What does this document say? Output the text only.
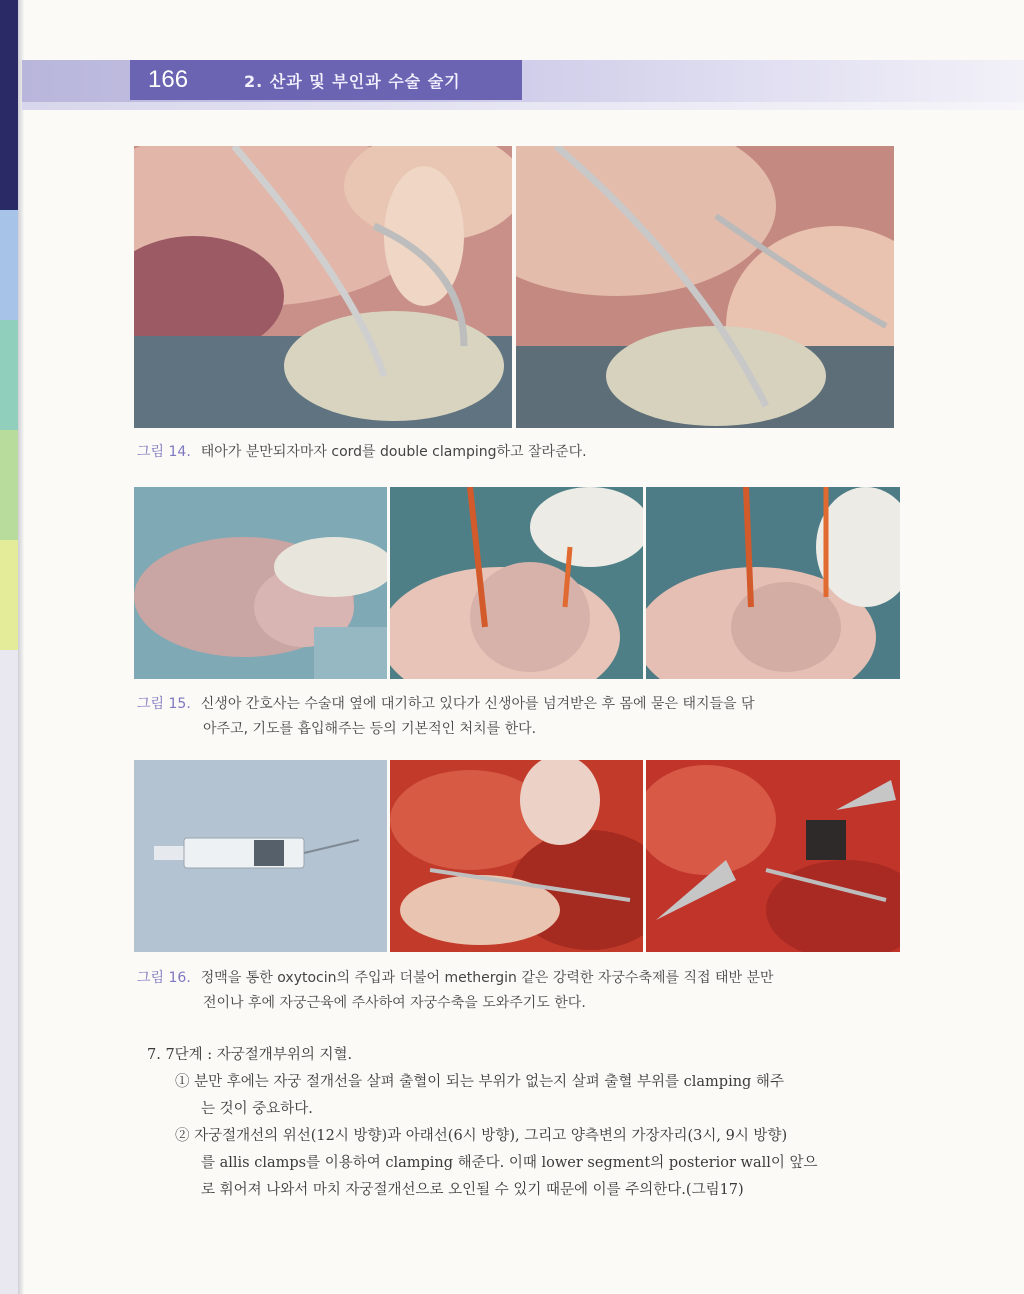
166	2. 산과 및 부인과 수술 술기
그림 14. 태아가 분만되자마자 cord를 double clamping하고 잘라준다.
그림 15. 신생아 간호사는 수술대 옆에 대기하고 있다가 신생아를 넘겨받은 후 몸에 묻은 태지들을 닦
아주고, 기도를 흡입해주는 등의 기본적인 처치를 한다.
그림 16. 정맥을 통한 oxytocin의 주입과 더불어 methergin 같은 강력한 자궁수축제를 직접 태반 분만
전이나 후에 자궁근육에 주사하여 자궁수축을 도와주기도 한다.
7. 7단계 : 자궁절개부위의 지혈.
① 분만 후에는 자궁 절개선을 살펴 출혈이 되는 부위가 없는지 살펴 출혈 부위를 clamping 해주
는 것이 중요하다.
② 자궁절개선의 위선(12시 방향)과 아래선(6시 방향), 그리고 양측변의 가장자리(3시, 9시 방향)
를 allis clamps를 이용하여 clamping 해준다. 이때 lower segment의 posterior wall이 앞으
로 휘어져 나와서 마치 자궁절개선으로 오인될 수 있기 때문에 이를 주의한다.(그림17)
